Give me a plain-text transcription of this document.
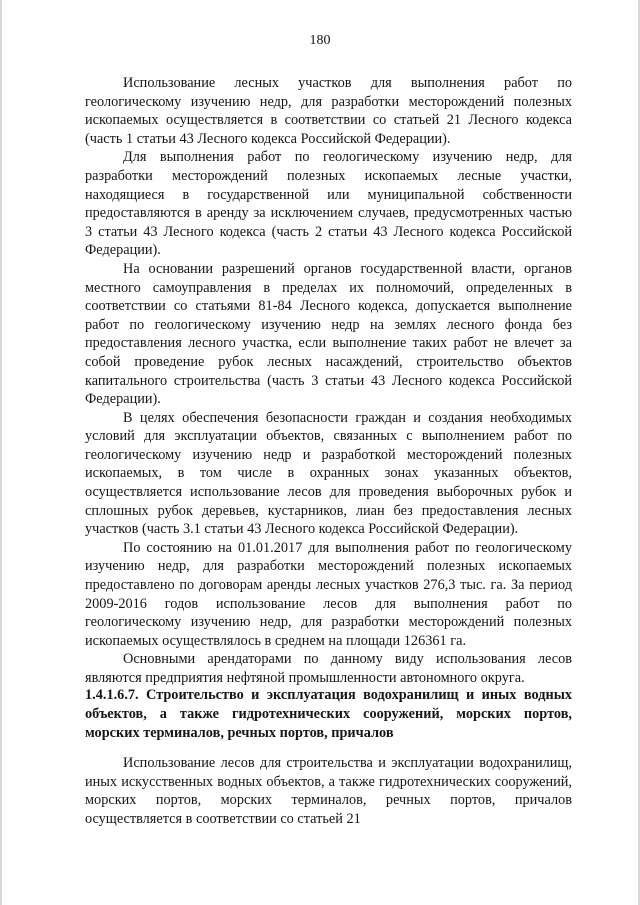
180

Использование лесных участков для выполнения работ по геологическому изучению недр, для разработки месторождений полезных ископаемых осуществляется в соответствии со статьей 21 Лесного кодекса (часть 1 статьи 43 Лесного кодекса Российской Федерации).

Для выполнения работ по геологическому изучению недр, для разработки месторождений полезных ископаемых лесные участки, находящиеся в государственной или муниципальной собственности предоставляются в аренду за исключением случаев, предусмотренных частью 3 статьи 43 Лесного кодекса (часть 2 статьи 43 Лесного кодекса Российской Федерации).

На основании разрешений органов государственной власти, органов местного самоуправления в пределах их полномочий, определенных в соответствии со статьями 81-84 Лесного кодекса, допускается выполнение работ по геологическому изучению недр на землях лесного фонда без предоставления лесного участка, если выполнение таких работ не влечет за собой проведение рубок лесных насаждений, строительство объектов капитального строительства (часть 3 статьи 43 Лесного кодекса Российской Федерации).

В целях обеспечения безопасности граждан и создания необходимых условий для эксплуатации объектов, связанных с выполнением работ по геологическому изучению недр и разработкой месторождений полезных ископаемых, в том числе в охранных зонах указанных объектов, осуществляется использование лесов для проведения выборочных рубок и сплошных рубок деревьев, кустарников, лиан без предоставления лесных участков (часть 3.1 статьи 43 Лесного кодекса Российской Федерации).

По состоянию на 01.01.2017 для выполнения работ по геологическому изучению недр, для разработки месторождений полезных ископаемых предоставлено по договорам аренды лесных участков 276,3 тыс. га. За период 2009-2016 годов использование лесов для выполнения работ по геологическому изучению недр, для разработки месторождений полезных ископаемых осуществлялось в среднем на площади 126361 га.

Основными арендаторами по данному виду использования лесов являются предприятия нефтяной промышленности автономного округа.

1.4.1.6.7. Строительство и эксплуатация водохранилищ и иных водных объектов, а также гидротехнических сооружений, морских портов, морских терминалов, речных портов, причалов

Использование лесов для строительства и эксплуатации водохранилищ, иных искусственных водных объектов, а также гидротехнических сооружений, морских портов, морских терминалов, речных портов, причалов осуществляется в соответствии со статьей 21
